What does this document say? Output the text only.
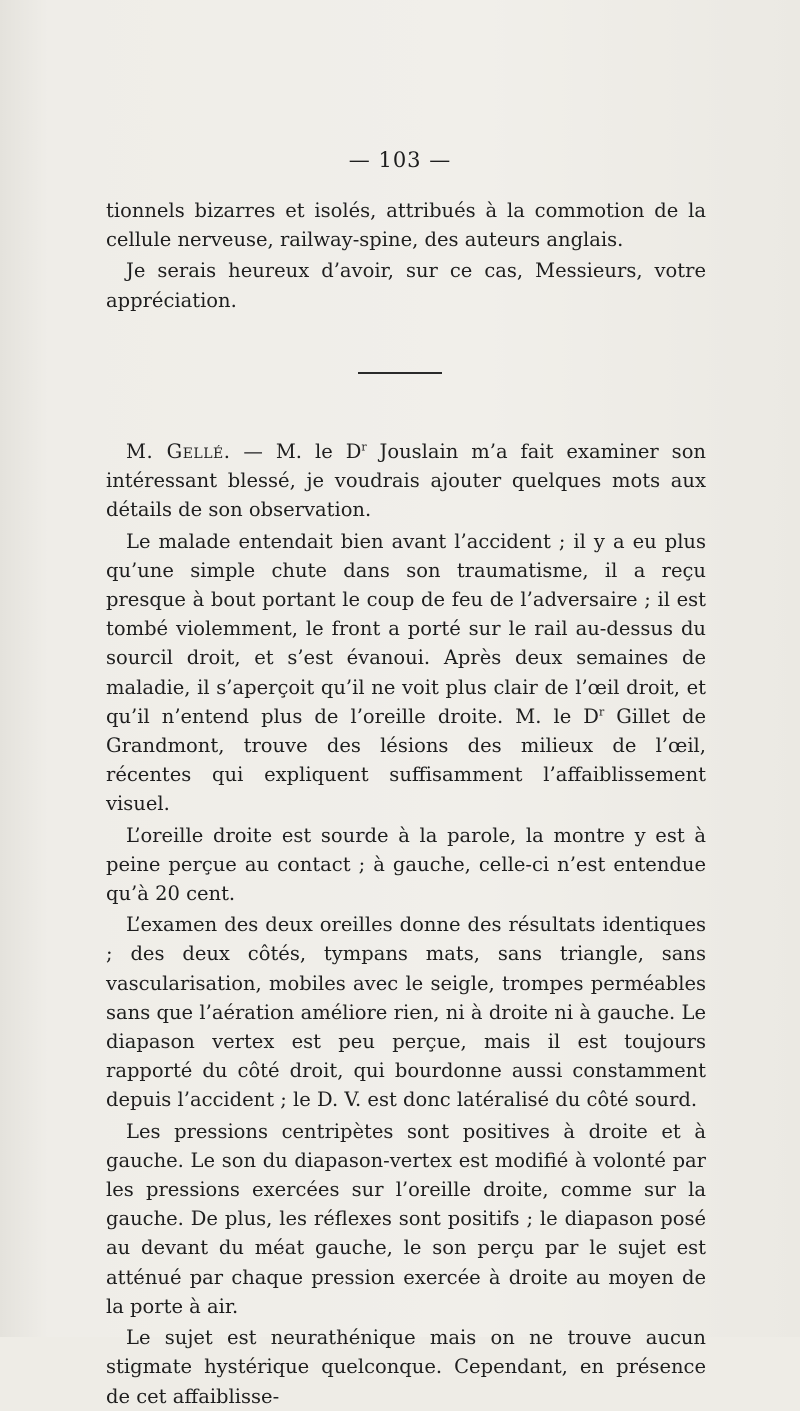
— 103 —

tionnels bizarres et isolés, attribués à la commotion de la cellule nerveuse, railway-spine, des auteurs anglais.

Je serais heureux d’avoir, sur ce cas, Messieurs, votre appréciation.

M. Gellé. — M. le $D^r$ Jouslain m’a fait examiner son intéressant blessé, je voudrais ajouter quelques mots aux détails de son observation.

Le malade entendait bien avant l’accident ; il y a eu plus qu’une simple chute dans son traumatisme, il a reçu presque à bout portant le coup de feu de l’adversaire ; il est tombé violemment, le front a porté sur le rail au-dessus du sourcil droit, et s’est évanoui. Après deux semaines de maladie, il s’aperçoit qu’il ne voit plus clair de l’œil droit, et qu’il n’entend plus de l’oreille droite. M. le $D^r$ Gillet de Grandmont, trouve des lésions des milieux de l’œil, récentes qui expliquent suffisamment l’affaiblissement visuel.

L’oreille droite est sourde à la parole, la montre y est à peine perçue au contact ; à gauche, celle-ci n’est entendue qu’à 20 cent.

L’examen des deux oreilles donne des résultats identiques ; des deux côtés, tympans mats, sans triangle, sans vascularisation, mobiles avec le seigle, trompes perméables sans que l’aération améliore rien, ni à droite ni à gauche. Le diapason vertex est peu perçue, mais il est toujours rapporté du côté droit, qui bourdonne aussi constamment depuis l’accident ; le D. V. est donc latéralisé du côté sourd.

Les pressions centripètes sont positives à droite et à gauche. Le son du diapason-vertex est modifié à volonté par les pressions exercées sur l’oreille droite, comme sur la gauche. De plus, les réflexes sont positifs ; le diapason posé au devant du méat gauche, le son perçu par le sujet est atténué par chaque pression exercée à droite au moyen de la porte à air.

Le sujet est neurathénique mais on ne trouve aucun stigmate hystérique quelconque. Cependant, en présence de cet affaiblisse-
